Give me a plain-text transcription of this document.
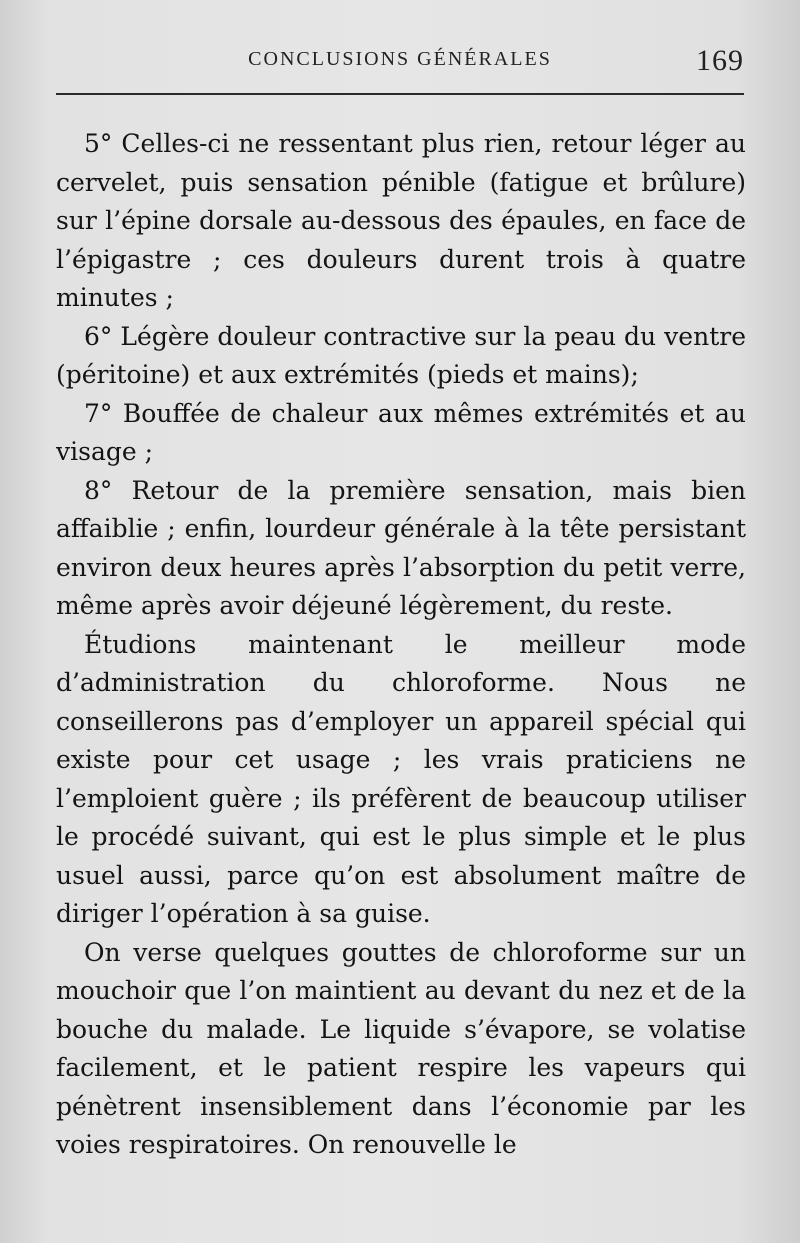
CONCLUSIONS GÉNÉRALES	169

5° Celles-ci ne ressentant plus rien, retour léger au cervelet, puis sensation pénible (fatigue et brûlure) sur l’épine dorsale au-dessous des épaules, en face de l’épigastre ; ces douleurs durent trois à quatre minutes ;

6° Légère douleur contractive sur la peau du ventre (péritoine) et aux extrémités (pieds et mains);

7° Bouffée de chaleur aux mêmes extrémités et au visage ;

8° Retour de la première sensation, mais bien affaiblie ; enfin, lourdeur générale à la tête persistant environ deux heures après l’absorption du petit verre, même après avoir déjeuné légèrement, du reste.

Étudions maintenant le meilleur mode d’administration du chloroforme. Nous ne conseillerons pas d’employer un appareil spécial qui existe pour cet usage ; les vrais praticiens ne l’emploient guère ; ils préfèrent de beaucoup utiliser le procédé suivant, qui est le plus simple et le plus usuel aussi, parce qu’on est absolument maître de diriger l’opération à sa guise.

On verse quelques gouttes de chloroforme sur un mouchoir que l’on maintient au devant du nez et de la bouche du malade. Le liquide s’évapore, se volatise facilement, et le patient respire les vapeurs qui pénètrent insensiblement dans l’économie par les voies respiratoires. On renouvelle le
